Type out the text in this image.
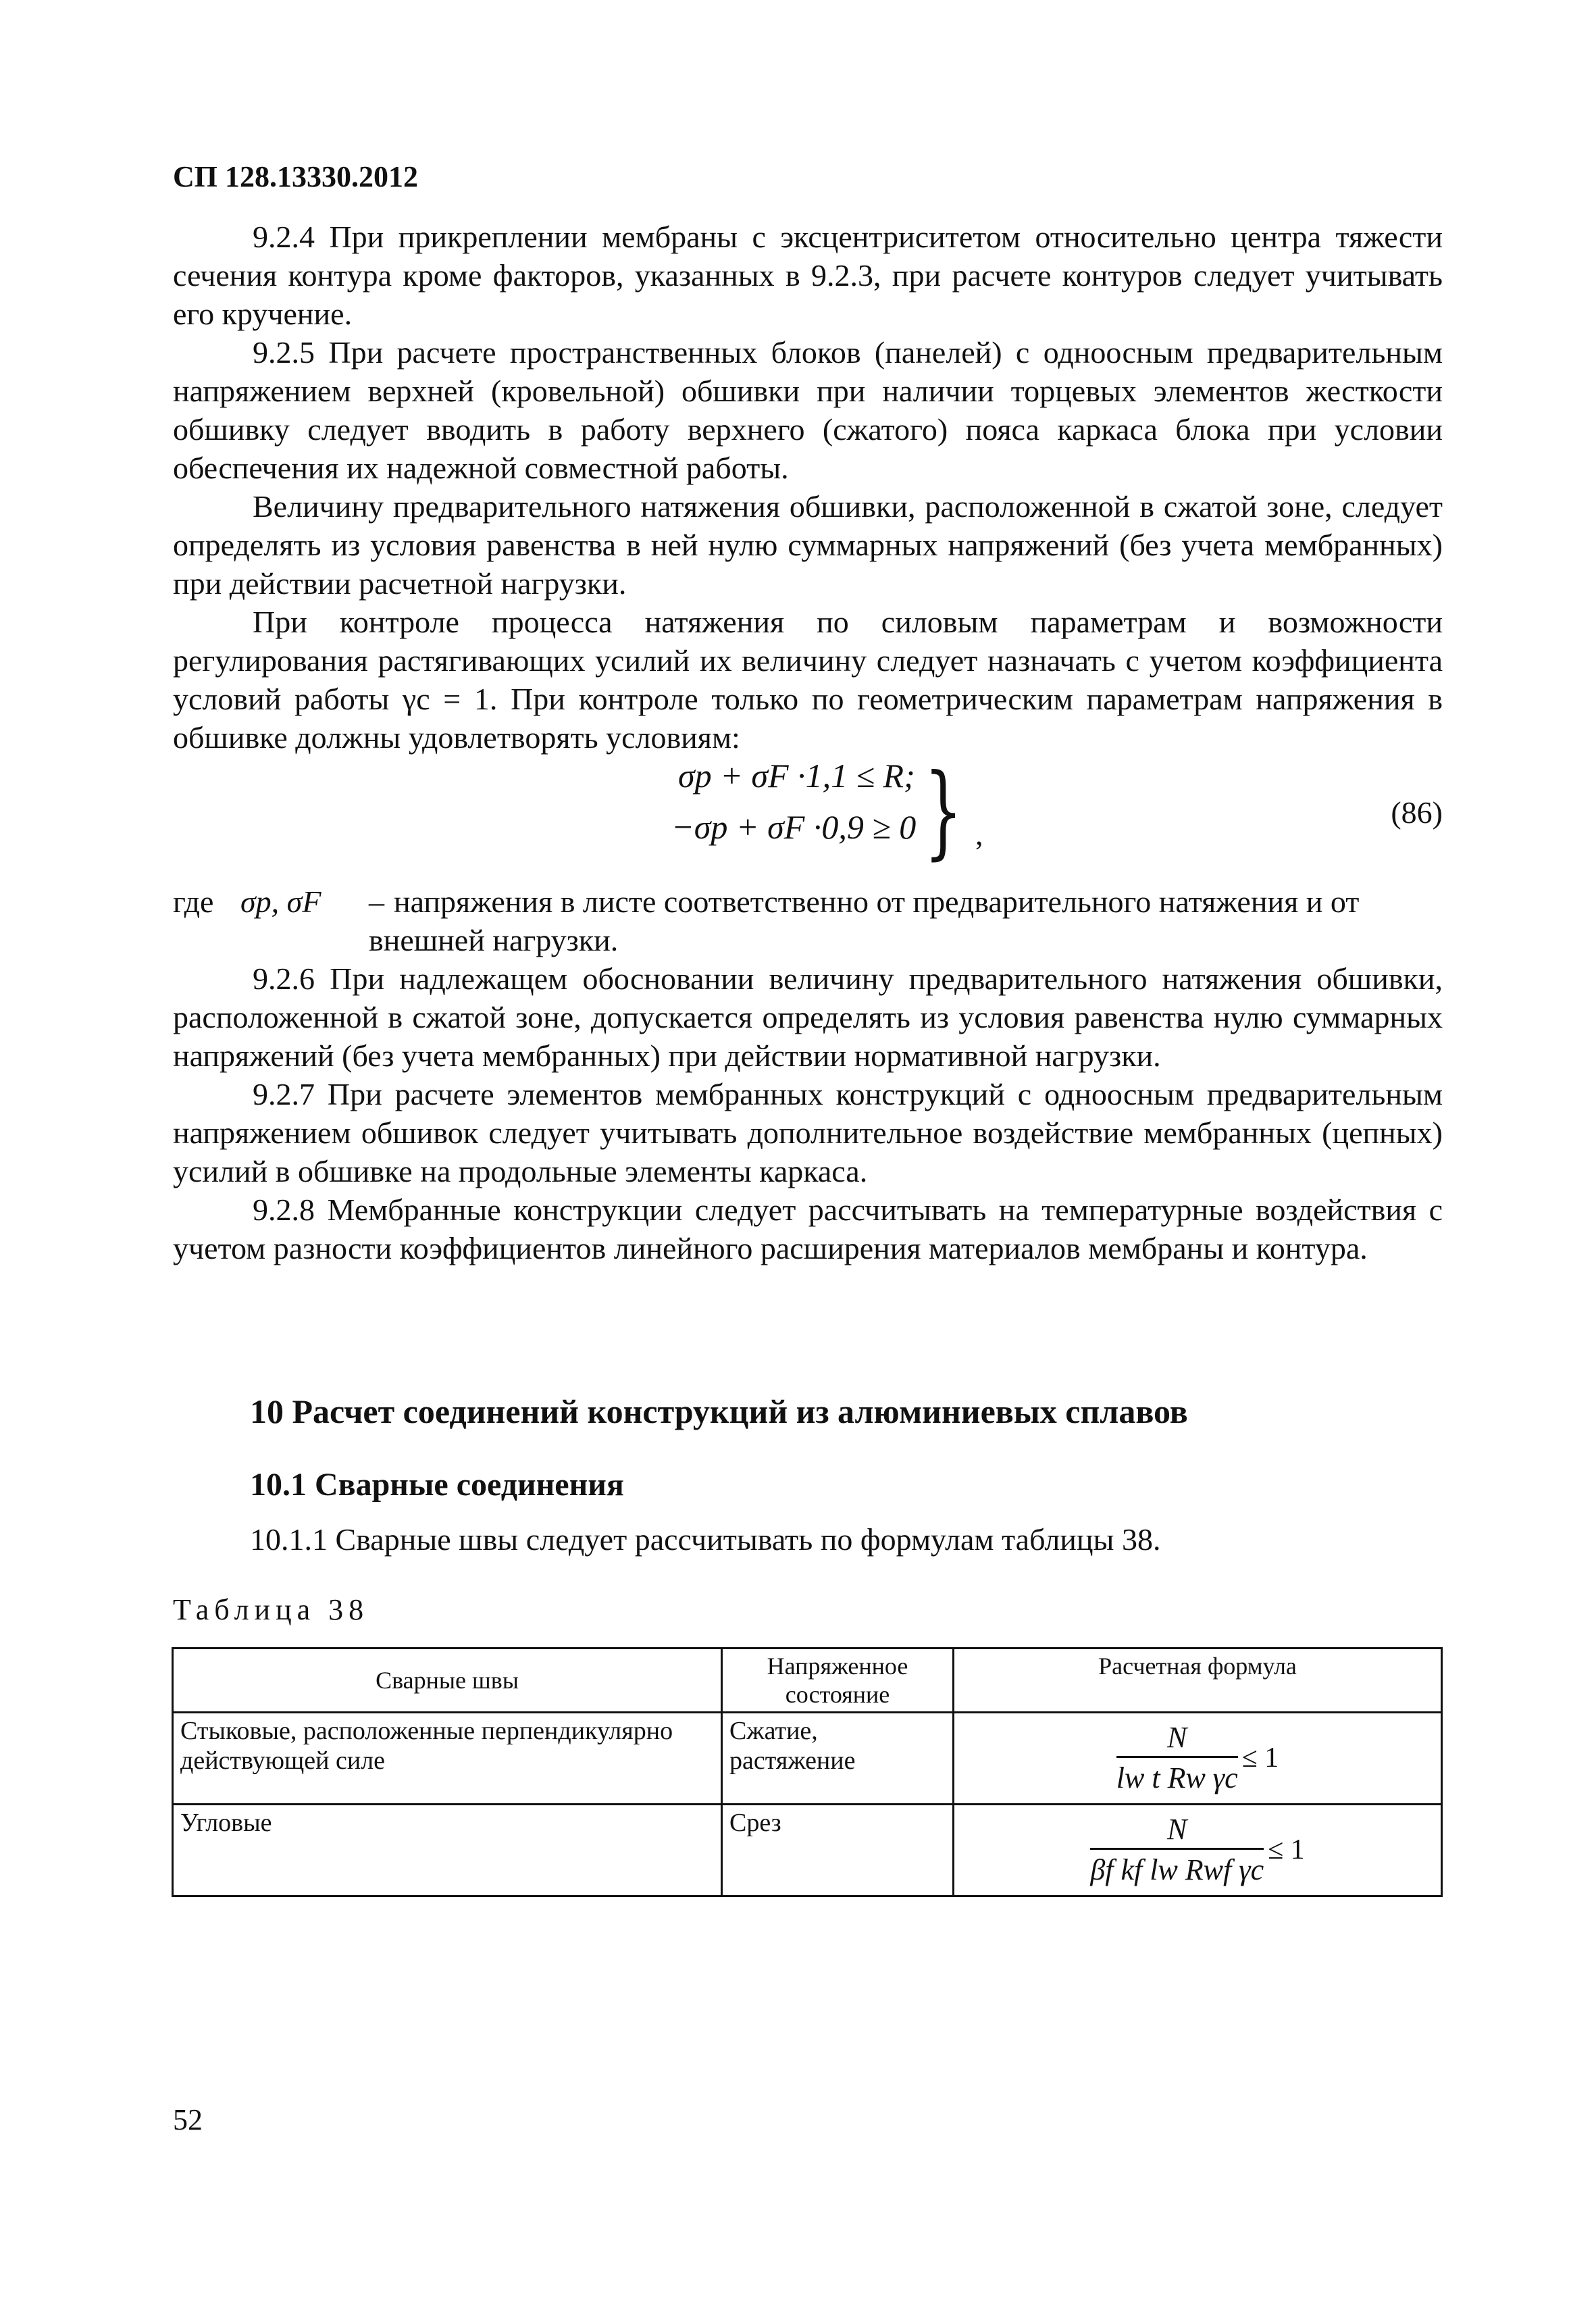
СП 128.13330.2012

9.2.4 При прикреплении мембраны с эксцентриситетом относительно центра тяжести сечения контура кроме факторов, указанных в 9.2.3, при расчете контуров следует учитывать его кручение.

9.2.5 При расчете пространственных блоков (панелей) с одноосным предварительным напряжением верхней (кровельной) обшивки при наличии торцевых элементов жесткости обшивку следует вводить в работу верхнего (сжатого) пояса каркаса блока при условии обеспечения их надежной совместной работы.

Величину предварительного натяжения обшивки, расположенной в сжатой зоне, следует определять из условия равенства в ней нулю суммарных напряжений (без учета мембранных) при действии расчетной нагрузки.

При контроле процесса натяжения по силовым параметрам и возможности регулирования растягивающих усилий их величину следует назначать с учетом коэффициента условий работы γc = 1. При контроле только по геометрическим параметрам напряжения в обшивке должны удовлетворять условиям:

σp + σF ·1,1 ≤ R;
−σp + σF ·0,9 ≥ 0 } ,
(86)
где σp, σF – напряжения в листе соответственно от предварительного натяжения и от внешней нагрузки.

9.2.6 При надлежащем обосновании величину предварительного натяжения обшивки, расположенной в сжатой зоне, допускается определять из условия равенства нулю суммарных напряжений (без учета мембранных) при действии нормативной нагрузки.

9.2.7 При расчете элементов мембранных конструкций с одноосным предварительным напряжением обшивок следует учитывать дополнительное воздействие мембранных (цепных) усилий в обшивке на продольные элементы каркаса.

9.2.8 Мембранные конструкции следует рассчитывать на температурные воздействия с учетом разности коэффициентов линейного расширения материалов мембраны и контура.

10 Расчет соединений конструкций из алюминиевых сплавов
10.1 Сварные соединения
10.1.1 Сварные швы следует рассчитывать по формулам таблицы 38.
Таблица 38
Сварные швы	Напряженное состояние	Расчетная формула
Стыковые, расположенные перпендикулярно действующей силе	Сжатие, растяжение	$\frac{N}{\text{lw t Rw γc}} \le 1$
Угловые	Срез	$\frac{N}{\text{βf kf lw Rwf γc}} \le 1$
52
